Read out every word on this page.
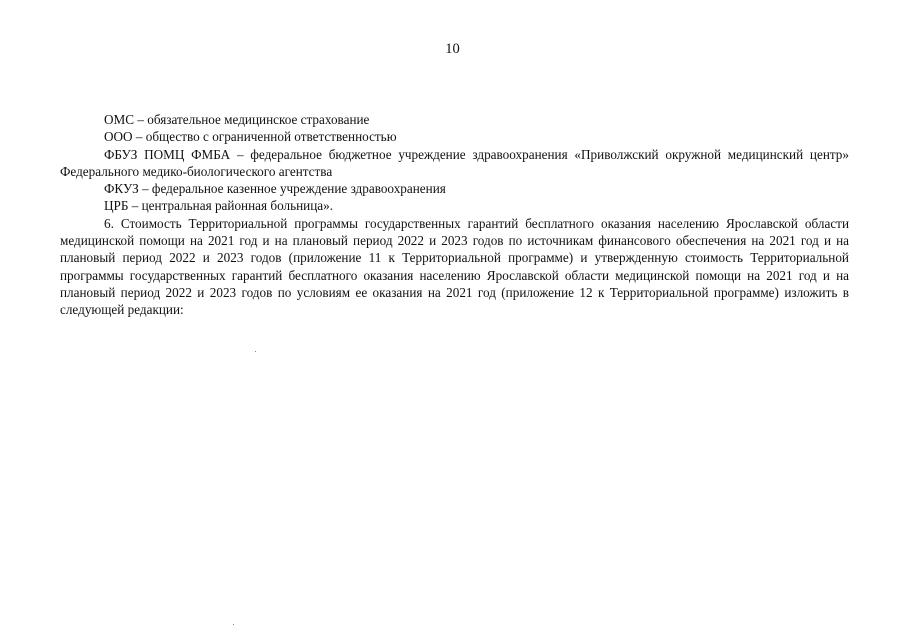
10

ОМС – обязательное медицинское страхование

ООО – общество с ограниченной ответственностью

ФБУЗ ПОМЦ ФМБА – федеральное бюджетное учреждение здравоохранения «Приволжский окружной медицинский центр» Федерального медико-биологического агентства

ФКУЗ – федеральное казенное учреждение здравоохранения

ЦРБ – центральная районная больница».

6. Стоимость Территориальной программы государственных гарантий бесплатного оказания населению Ярославской области медицинской помощи на 2021 год и на плановый период 2022 и 2023 годов по источникам финансового обеспечения на 2021 год и на плановый период 2022 и 2023 годов (приложение 11 к Территориальной программе) и утвержденную стоимость Территориальной программы государственных гарантий бесплатного оказания населению Ярославской области медицинской помощи на 2021 год и на плановый период 2022 и 2023 годов по условиям ее оказания на 2021 год (приложение 12 к Территориальной программе) изложить в следующей редакции:
